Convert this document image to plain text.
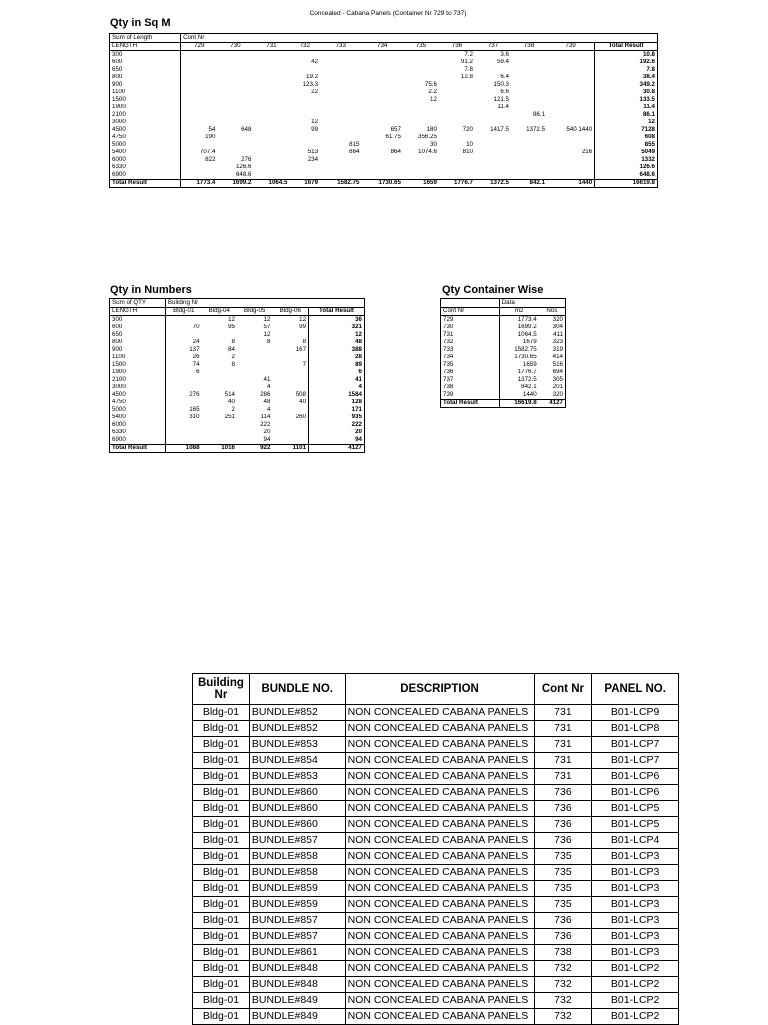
Concealed - Cabana Panels (Container Nr 729 to 737)
Qty in Sq M
Sum of Length	Cont Nr											
LENGTH	729	730	731	732	733	734	735	736	737	738	739	Total Result
300								7.2	3.6			10.8
600				42				91.2	59.4			192.6
650								7.8				7.8
800				19.2				12.8	6.4			38.4
900				123.3			75.6		150.3			349.2
1100				22			2.2		6.6			30.8
1500							12		121.5			133.5
1900									11.4			11.4
2100										86.1		86.1
3000				12								12
4500	54	648		99		657	180	720	1417.5	1372.5	540 1440	7128
4750	190					61.75	356.25					608
5000					815		30	10				855
5400	707.4			513	864	864	1074.6	810			216	5049
6000	822	276		234								1332
6330		126.6										126.6
6900		648.6										648.6
Total Result	1773.4	1699.2	1064.5	1679	1582.75	1730.65	1659	1776.7	1372.5	842.1	1440	16619.8
Qty in Numbers
Sum of QTY	Building Nr				
LENGTH	Bldg-01	Bldg-04	Bldg-05	Bldg-06	Total Result
300		12	12	12	36
600	70	95	57	99	321
650			12		12
800	24	8	8	8	48
900	137	84		167	388
1100	26	2			28
1500	74	8		7	89
1900	6				6
2100			41		41
3000			4		4
4500	276	514	286	508	1584
4750		40	48	40	128
5000	165	2	4		171
5400	310	251	114	260	935
6000			222		222
6330			20		20
6900			94		94
Total Result	1088	1016	922	1101	4127
Qty Container Wise
	Data	
Cont Nr	m2	Nos
729	1773.4	320
730	1699.2	304
731	1064.5	411
732	1679	323
733	1582.75	319
734	1730.65	414
735	1659	516
736	1776.7	694
737	1372.5	305
738	842.1	201
739	1440	320
Total Result	16619.8	4127
Building Nr	BUNDLE NO.	DESCRIPTION	Cont Nr	PANEL NO.
Bldg-01	BUNDLE#852	NON CONCEALED CABANA PANELS	731	B01-LCP9
Bldg-01	BUNDLE#852	NON CONCEALED CABANA PANELS	731	B01-LCP8
Bldg-01	BUNDLE#853	NON CONCEALED CABANA PANELS	731	B01-LCP7
Bldg-01	BUNDLE#854	NON CONCEALED CABANA PANELS	731	B01-LCP7
Bldg-01	BUNDLE#853	NON CONCEALED CABANA PANELS	731	B01-LCP6
Bldg-01	BUNDLE#860	NON CONCEALED CABANA PANELS	736	B01-LCP6
Bldg-01	BUNDLE#860	NON CONCEALED CABANA PANELS	736	B01-LCP5
Bldg-01	BUNDLE#860	NON CONCEALED CABANA PANELS	736	B01-LCP5
Bldg-01	BUNDLE#857	NON CONCEALED CABANA PANELS	736	B01-LCP4
Bldg-01	BUNDLE#858	NON CONCEALED CABANA PANELS	735	B01-LCP3
Bldg-01	BUNDLE#858	NON CONCEALED CABANA PANELS	735	B01-LCP3
Bldg-01	BUNDLE#859	NON CONCEALED CABANA PANELS	735	B01-LCP3
Bldg-01	BUNDLE#859	NON CONCEALED CABANA PANELS	735	B01-LCP3
Bldg-01	BUNDLE#857	NON CONCEALED CABANA PANELS	736	B01-LCP3
Bldg-01	BUNDLE#857	NON CONCEALED CABANA PANELS	736	B01-LCP3
Bldg-01	BUNDLE#861	NON CONCEALED CABANA PANELS	738	B01-LCP3
Bldg-01	BUNDLE#848	NON CONCEALED CABANA PANELS	732	B01-LCP2
Bldg-01	BUNDLE#848	NON CONCEALED CABANA PANELS	732	B01-LCP2
Bldg-01	BUNDLE#849	NON CONCEALED CABANA PANELS	732	B01-LCP2
Bldg-01	BUNDLE#849	NON CONCEALED CABANA PANELS	732	B01-LCP2
